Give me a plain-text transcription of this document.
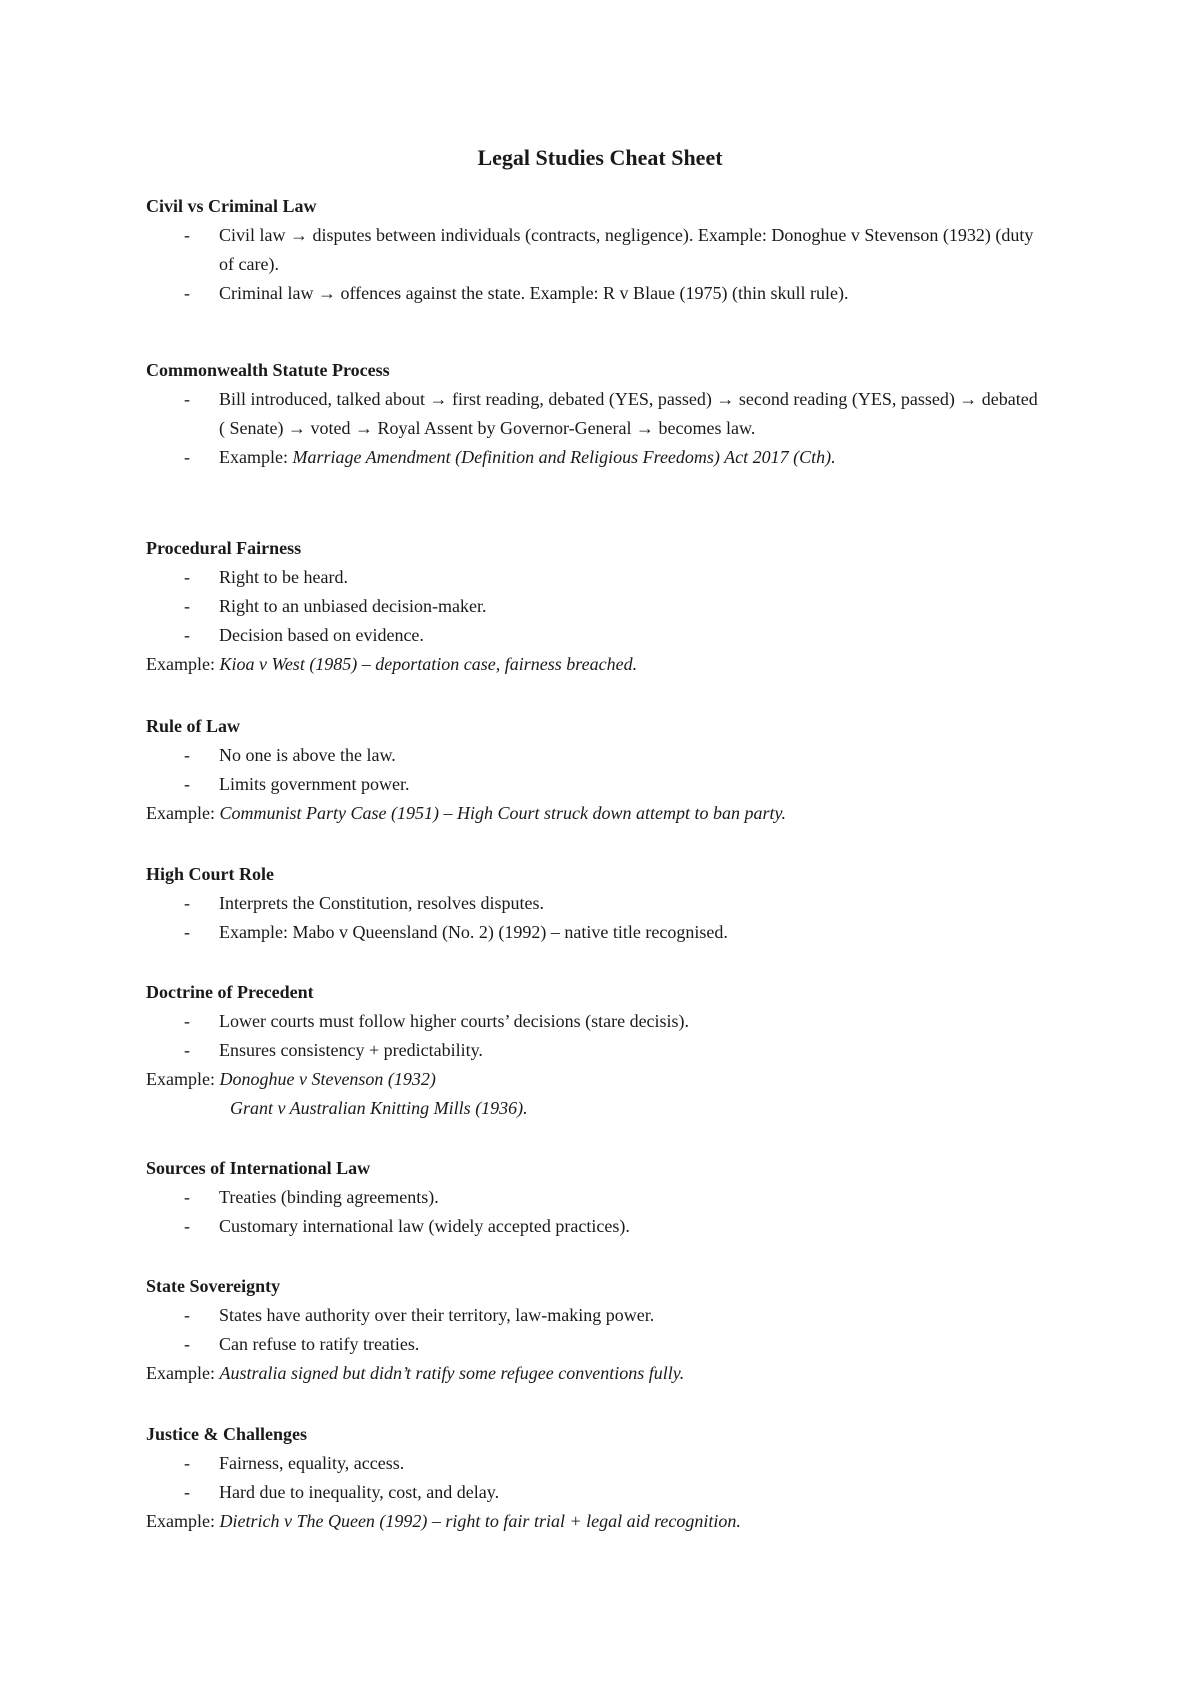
Legal Studies Cheat Sheet
Civil vs Criminal Law
- Civil law → disputes between individuals (contracts, negligence). Example: Donoghue v Stevenson (1932) (duty of care).
- Criminal law → offences against the state. Example: R v Blaue (1975) (thin skull rule).
Commonwealth Statute Process
- Bill introduced, talked about → first reading, debated (YES, passed) → second reading (YES, passed) → debated ( Senate) → voted → Royal Assent by Governor-General → becomes law.
- Example: Marriage Amendment (Definition and Religious Freedoms) Act 2017 (Cth).
Procedural Fairness
- Right to be heard.
- Right to an unbiased decision-maker.
- Decision based on evidence.
Example: Kioa v West (1985) – deportation case, fairness breached.
Rule of Law
- No one is above the law.
- Limits government power.
Example: Communist Party Case (1951) – High Court struck down attempt to ban party.
High Court Role
- Interprets the Constitution, resolves disputes.
- Example: Mabo v Queensland (No. 2) (1992) – native title recognised.
Doctrine of Precedent
- Lower courts must follow higher courts’ decisions (stare decisis).
- Ensures consistency + predictability.
Example: Donoghue v Stevenson (1932)
Grant v Australian Knitting Mills (1936).
Sources of International Law
- Treaties (binding agreements).
- Customary international law (widely accepted practices).
State Sovereignty
- States have authority over their territory, law-making power.
- Can refuse to ratify treaties.
Example: Australia signed but didn’t ratify some refugee conventions fully.
Justice & Challenges
- Fairness, equality, access.
- Hard due to inequality, cost, and delay.
Example: Dietrich v The Queen (1992) – right to fair trial + legal aid recognition.
